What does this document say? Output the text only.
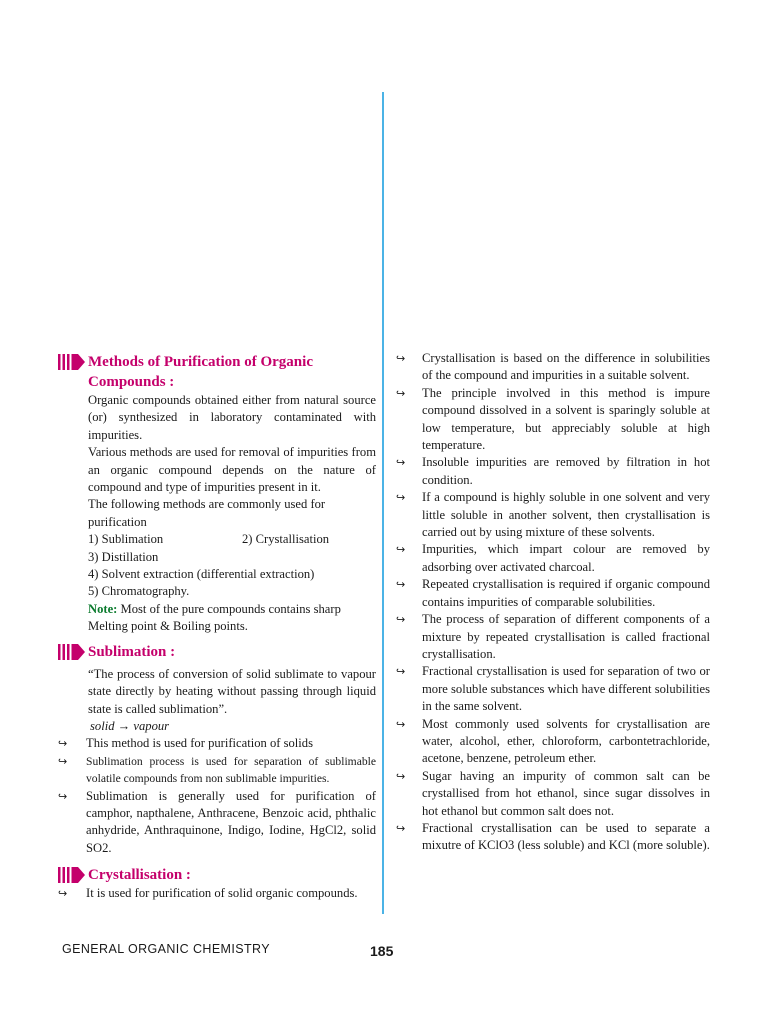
Methods of Purification of Organic Compounds :

Organic compounds obtained either from natural source (or) synthesized in laboratory contaminated with impurities.

Various methods are used for removal of impurities from an organic compound depends on the nature of compound and type of impurities present in it.

The following methods are commonly used for purification

1) Sublimation	2) Crystallisation
3) Distillation
4) Solvent extraction (differential extraction)
5) Chromatography.

Note: Most of the pure compounds contains sharp Melting point & Boiling points.

Sublimation :

“The process of conversion of solid sublimate to vapour state directly by heating without passing through liquid state is called sublimation”.

solid → vapour
↪	This method is used for purification of solids
↪	Sublimation process is used for separation of sublimable volatile compounds from non sublimable impurities.
↪	Sublimation is generally used for purification of camphor, napthalene, Anthracene, Benzoic acid, phthalic anhydride, Anthraquinone, Indigo, Iodine, HgCl2, solid SO2.
Crystallisation :
↪	It is used for purification of solid organic compounds.
↪	Crystallisation is based on the difference in solubilities of the compound and impurities in a suitable solvent.
↪	The principle involved in this method is impure compound dissolved in a solvent is sparingly soluble at low temperature, but appreciably soluble at high temperature.
↪	Insoluble impurities are removed by filtration in hot condition.
↪	If a compound is highly soluble in one solvent and very little soluble in another solvent, then crystallisation is carried out by using mixture of these solvents.
↪	Impurities, which impart colour are removed by adsorbing over activated charcoal.
↪	Repeated crystallisation is required if organic compound contains impurities of comparable solubilities.
↪	The process of separation of different components of a mixture by repeated crystallisation is called fractional crystallisation.
↪	Fractional crystallisation is used for separation of two or more soluble substances which have different solubilities in the same solvent.
↪	Most commonly used solvents for crystallisation are water, alcohol, ether, chloroform, carbontetrachloride, acetone, benzene, petroleum ether.
↪	Sugar having an impurity of common salt can be crystallised from hot ethanol, since sugar dissolves in hot ethanol but common salt does not.
↪	Fractional crystallisation can be used to separate a mixutre of KClO3 (less soluble) and KCl (more soluble).
GENERAL ORGANIC CHEMISTRY	185
